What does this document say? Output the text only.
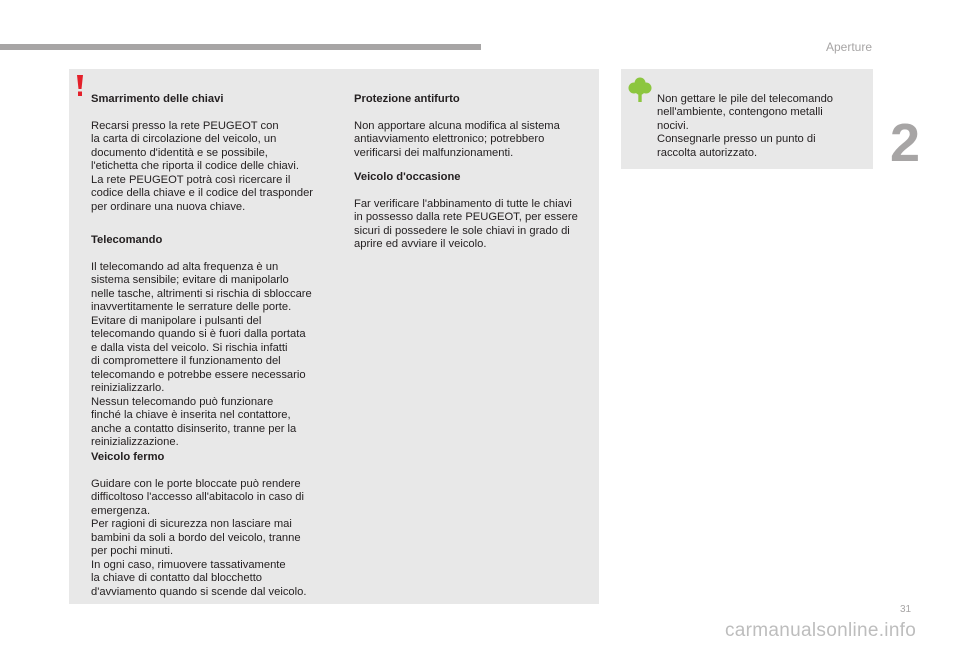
Aperture
2

Smarrimento delle chiavi

Recarsi presso la rete PEUGEOT con
la carta di circolazione del veicolo, un
documento d'identità e se possibile,
l'etichetta che riporta il codice delle chiavi.
La rete PEUGEOT potrà così ricercare il
codice della chiave e il codice del trasponder
per ordinare una nuova chiave.

Telecomando

Il telecomando ad alta frequenza è un
sistema sensibile; evitare di manipolarlo
nelle tasche, altrimenti si rischia di sbloccare
inavvertitamente le serrature delle porte.
Evitare di manipolare i pulsanti del
telecomando quando si è fuori dalla portata
e dalla vista del veicolo. Si rischia infatti
di compromettere il funzionamento del
telecomando e potrebbe essere necessario
reinizializzarlo.
Nessun telecomando può funzionare
finché la chiave è inserita nel contattore,
anche a contatto disinserito, tranne per la
reinizializzazione.

Veicolo fermo

Guidare con le porte bloccate può rendere
difficoltoso l'accesso all'abitacolo in caso di
emergenza.
Per ragioni di sicurezza non lasciare mai
bambini da soli a bordo del veicolo, tranne
per pochi minuti.
In ogni caso, rimuovere tassativamente
la chiave di contatto dal blocchetto
d'avviamento quando si scende dal veicolo.

Protezione antifurto

Non apportare alcuna modifica al sistema
antiavviamento elettronico; potrebbero
verificarsi dei malfunzionamenti.

Veicolo d'occasione

Far verificare l'abbinamento di tutte le chiavi
in possesso dalla rete PEUGEOT, per essere
sicuri di possedere le sole chiavi in grado di
aprire ed avviare il veicolo.

Non gettare le pile del telecomando
nell'ambiente, contengono metalli
nocivi.
Consegnarle presso un punto di
raccolta autorizzato.

31
carmanualsonline.info
